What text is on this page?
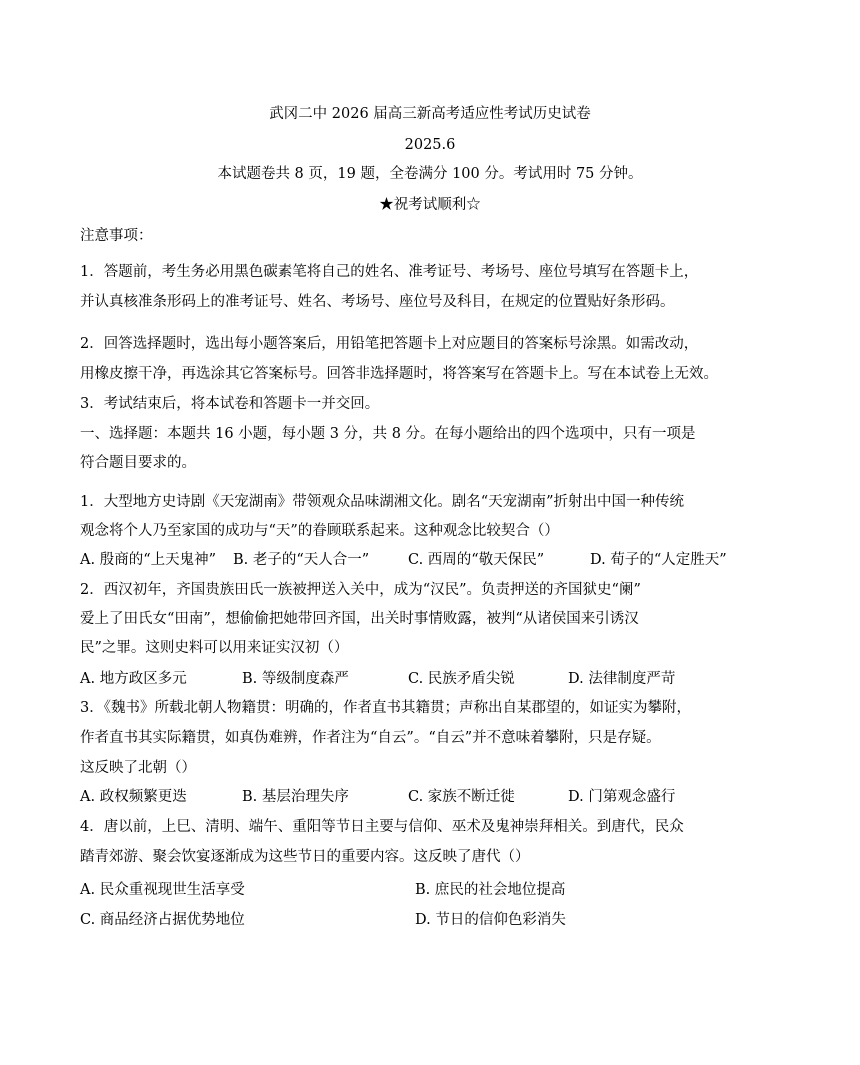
武冈二中 2026 届高三新高考适应性考试历史试卷
2025.6
本试题卷共 8 页，19 题，全卷满分 100 分。考试用时 75 分钟。
★祝考试顺利☆
注意事项：
1．答题前，考生务必用黑色碳素笔将自己的姓名、准考证号、考场号、座位号填写在答题卡上，
并认真核准条形码上的准考证号、姓名、考场号、座位号及科目，在规定的位置贴好条形码。
2．回答选择题时，选出每小题答案后，用铅笔把答题卡上对应题目的答案标号涂黑。如需改动，
用橡皮擦干净，再选涂其它答案标号。回答非选择题时，将答案写在答题卡上。写在本试卷上无效。
3．考试结束后，将本试卷和答题卡一并交回。
一、选择题：本题共 16 小题，每小题 3 分，共 8 分。在每小题给出的四个选项中，只有一项是
符合题目要求的。
1．大型地方史诗剧《天宠湖南》带领观众品味湖湘文化。剧名“天宠湖南”折射出中国一种传统
观念将个人乃至家国的成功与“天”的眷顾联系起来。这种观念比较契合（）
A. 殷商的“上天鬼神” B. 老子的“天人合一”	C. 西周的“敬天保民”	D. 荀子的“人定胜天”
2．西汉初年，齐国贵族田氏一族被押送入关中，成为“汉民”。负责押送的齐国狱史“阑”
爱上了田氏女“田南”，想偷偷把她带回齐国，出关时事情败露，被判“从诸侯国来引诱汉
民”之罪。这则史料可以用来证实汉初（）
A. 地方政区多元	B. 等级制度森严	C. 民族矛盾尖锐	D. 法律制度严苛
3．《魏书》所载北朝人物籍贯：明确的，作者直书其籍贯；声称出自某郡望的，如证实为攀附，
作者直书其实际籍贯，如真伪难辨，作者注为“自云”。“自云”并不意味着攀附，只是存疑。
这反映了北朝（）
A. 政权频繁更迭	B. 基层治理失序	C. 家族不断迁徙	D. 门第观念盛行
4．唐以前，上巳、清明、端午、重阳等节日主要与信仰、巫术及鬼神崇拜相关。到唐代，民众
踏青郊游、聚会饮宴逐渐成为这些节日的重要内容。这反映了唐代（）
A. 民众重视现世生活享受	B. 庶民的社会地位提高
C. 商品经济占据优势地位	D. 节日的信仰色彩消失
